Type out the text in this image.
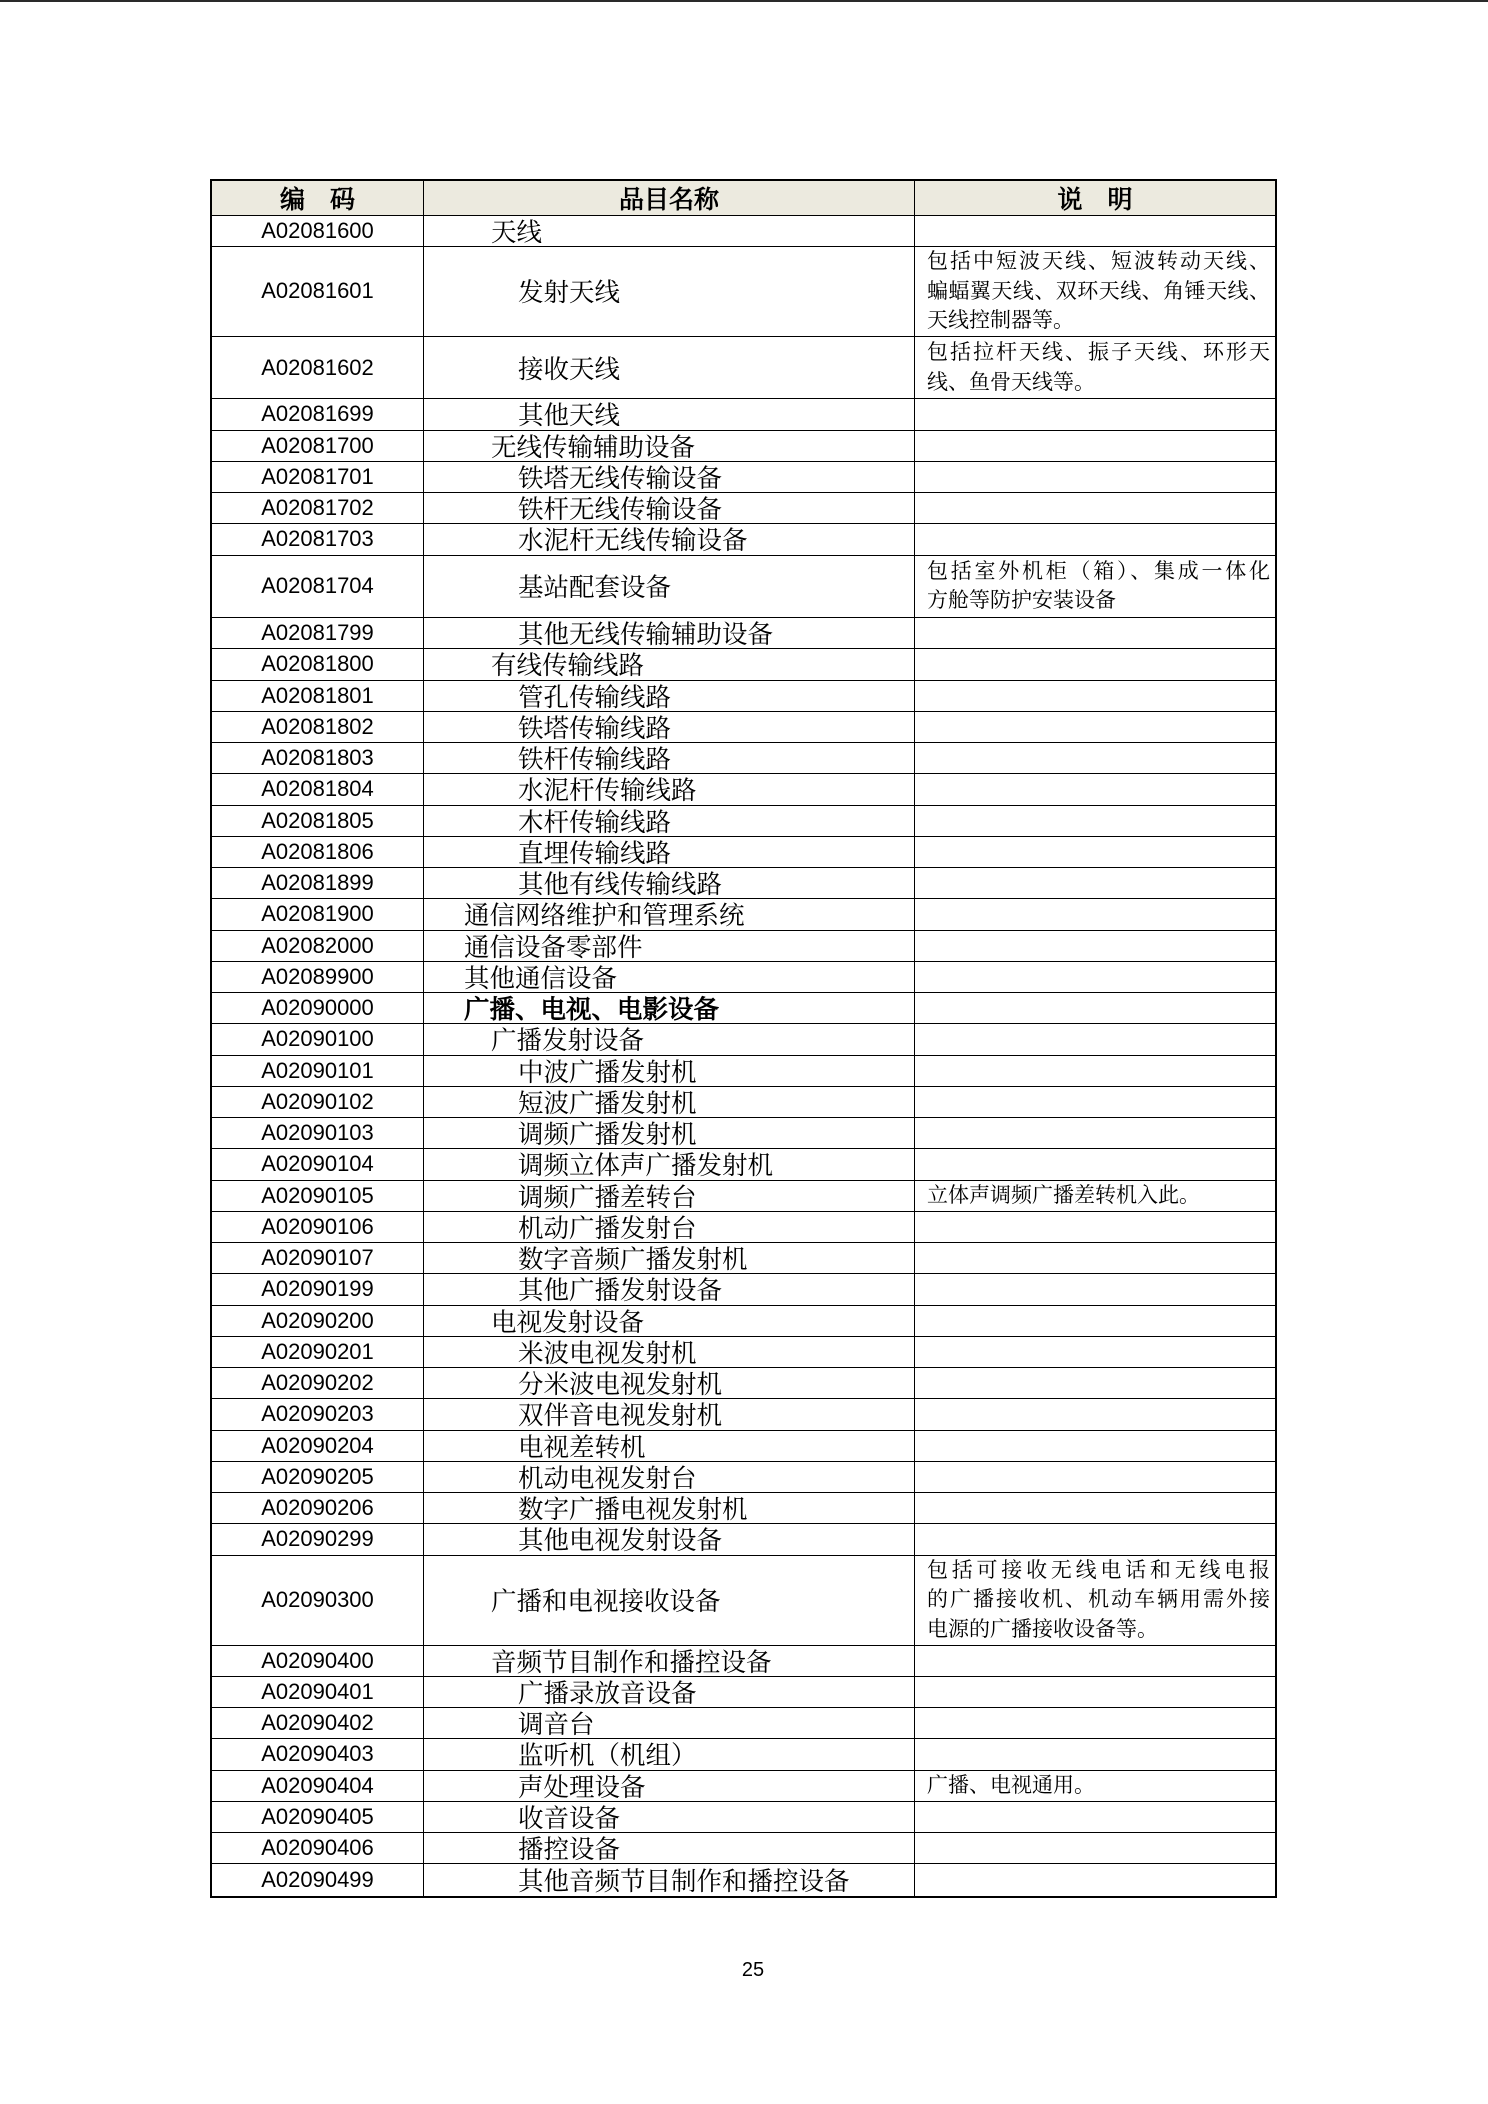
编　码	品目名称	说　明
A02081600	天线
A02081601	发射天线
包括中短波天线、短波转动天线、
蝙蝠翼天线、双环天线、角锤天线、
天线控制器等。
A02081602	接收天线
包括拉杆天线、振子天线、环形天
线、鱼骨天线等。
A02081699	其他天线
A02081700	无线传输辅助设备
A02081701	铁塔无线传输设备
A02081702	铁杆无线传输设备
A02081703	水泥杆无线传输设备
A02081704	基站配套设备
包括室外机柜（箱）、集成一体化
方舱等防护安装设备
A02081799	其他无线传输辅助设备
A02081800	有线传输线路
A02081801	管孔传输线路
A02081802	铁塔传输线路
A02081803	铁杆传输线路
A02081804	水泥杆传输线路
A02081805	木杆传输线路
A02081806	直埋传输线路
A02081899	其他有线传输线路
A02081900	通信网络维护和管理系统
A02082000	通信设备零部件
A02089900	其他通信设备
A02090000	广播、电视、电影设备
A02090100	广播发射设备
A02090101	中波广播发射机
A02090102	短波广播发射机
A02090103	调频广播发射机
A02090104	调频立体声广播发射机
A02090105	调频广播差转台	立体声调频广播差转机入此。
A02090106	机动广播发射台
A02090107	数字音频广播发射机
A02090199	其他广播发射设备
A02090200	电视发射设备
A02090201	米波电视发射机
A02090202	分米波电视发射机
A02090203	双伴音电视发射机
A02090204	电视差转机
A02090205	机动电视发射台
A02090206	数字广播电视发射机
A02090299	其他电视发射设备
A02090300	广播和电视接收设备
包括可接收无线电话和无线电报
的广播接收机、机动车辆用需外接
电源的广播接收设备等。
A02090400	音频节目制作和播控设备
A02090401	广播录放音设备
A02090402	调音台
A02090403	监听机（机组）
A02090404	声处理设备	广播、电视通用。
A02090405	收音设备
A02090406	播控设备
A02090499	其他音频节目制作和播控设备
25
